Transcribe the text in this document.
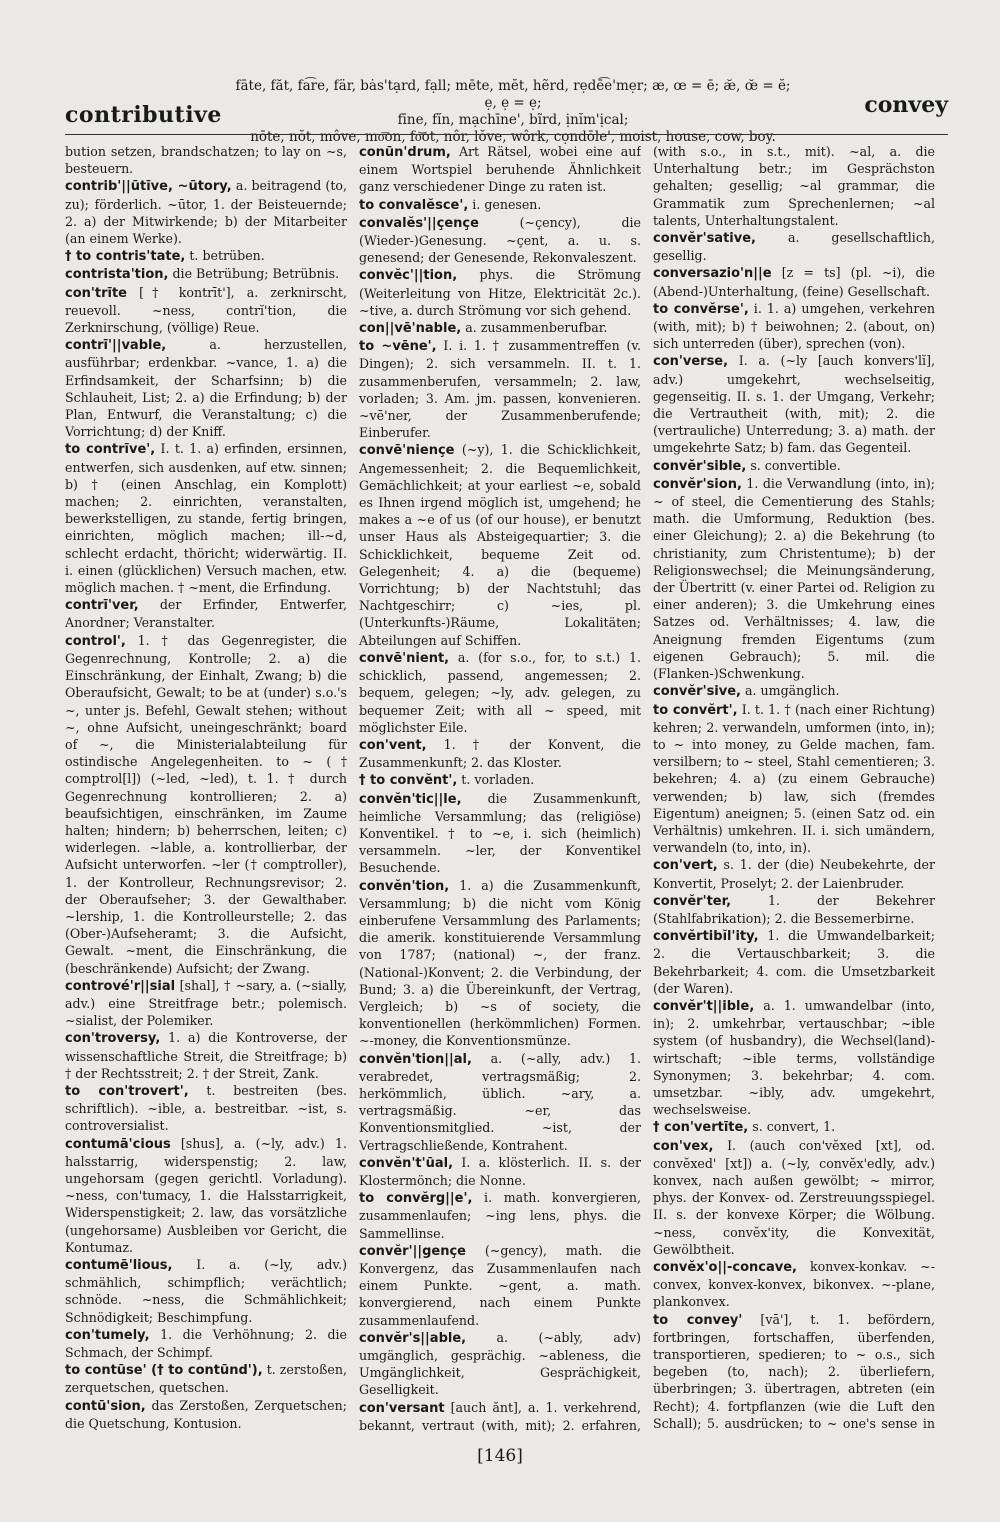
contributive
fāte, făt, fa͡re, fär, bȧs'tạrd, fạll; mēte, mĕt, hẽrd, rẹdē͡e'mẹr; æ, œ = ē; æ̆, œ̆ = ĕ; ẹ, ẹ = ẹ;
fīne, fĭn, mạchīne', bĩrd, ịnĭm'ịcal;
nōte, nŏt, môve, mo͞on, fo͝ot, nôr, lŏve, wôrk, cọndōle', moist, house, cow, boy.
convey

bution setzen, brandschatzen; to lay on ~s, besteuern.

contrib'||ūtīve, ~ūtory, a. beitragend (to, zu); förderlich. ~ūtor, 1. der Beisteuernde; 2. a) der Mitwirkende; b) der Mitarbeiter (an einem Werke).

† to contris'tate, t. betrüben.

contrista'tion, die Betrübung; Betrübnis.

con'trīte [† kontrīt'], a. zerknirscht, reuevoll. ~ness, contrĭ'tion, die Zerknirschung, (völlige) Reue.

contrī'||vable,	a. herzustellen, ausführbar; erdenkbar. ~vance, 1. a) die Erfindsamkeit, der Scharfsinn; b) die Schlauheit, List; 2. a) die Erfindung; b) der Plan, Entwurf, die Veranstaltung; c) die Vorrichtung; d) der Kniff.

to contrīve', I. t. 1. a) erfinden, ersinnen, entwerfen, sich ausdenken, auf etw. sinnen; b) † (einen Anschlag, ein Komplott) machen; 2. einrichten, veranstalten, bewerkstelligen, zu stande, fertig bringen, einrichten, möglich machen; ill-~d, schlecht erdacht, thöricht; widerwärtig. II. i. einen (glücklichen) Versuch machen, etw. möglich machen. † ~ment, die Erfindung.

contrī'ver, der Erfinder, Entwerfer, Anordner; Veranstalter.

control', 1. † das Gegenregister, die Gegenrechnung, Kontrolle; 2. a) die Einschränkung, der Einhalt, Zwang; b) die Oberaufsicht, Gewalt; to be at (under) s.o.'s ~, unter js. Befehl, Gewalt stehen; without ~, ohne Aufsicht, uneingeschränkt; board of ~, die Ministerialabteilung für ostindische Angelegenheiten. to ~ († comptrol[l]) (~led, ~led), t. 1. † durch Gegenrechnung kontrollieren; 2. a) beaufsichtigen, einschränken, im Zaume halten; hindern; b) beherrschen, leiten; c) widerlegen. ~lable, a. kontrollierbar, der Aufsicht unterworfen. ~ler († comptroller), 1. der Kontrolleur, Rechnungsrevisor; 2. der Oberaufseher; 3. der Gewalthaber. ~lership, 1. die Kontrolleurstelle; 2. das (Ober-)Aufseheramt; 3. die Aufsicht, Gewalt. ~ment, die Einschränkung, die (beschränkende) Aufsicht; der Zwang.

contrové'r||sial [shal], † ~sary, a. (~sially, adv.) eine Streitfrage betr.; polemisch. ~sialist, der Polemiker.

con'troversy, 1. a) die Kontroverse, der wissenschaftliche Streit, die Streitfrage; b) † der Rechtsstreit; 2. † der Streit, Zank.

to con'trovert', t. bestreiten (bes. schriftlich). ~ible, a. bestreitbar. ~ist, s. controversialist.

contumā'cious [shus], a. (~ly, adv.) 1. halsstarrig, widerspenstig; 2. law, ungehorsam (gegen gerichtl. Vorladung). ~ness, con'tumacy, 1. die Halsstarrigkeit, Widerspenstigkeit; 2. law, das vorsätzliche (ungehorsame) Ausbleiben vor Gericht, die Kontumaz.

contumē'lious, I. a. (~ly, adv.) schmählich, schimpflich; verächtlich; schnöde. ~ness, die Schmählichkeit; Schnödigkeit; Beschimpfung.

con'tumely, 1. die Verhöhnung; 2. die Schmach, der Schimpf.

to contūse' († to contūnd'), t. zerstoßen, zerquetschen, quetschen.

contū'sion, das Zerstoßen, Zerquetschen; die Quetschung, Kontusion.

conūn'drum, Art Rätsel, wobei eine auf einem Wortspiel beruhende Ähnlichkeit ganz verschiedener Dinge zu raten ist.

to convalĕsce', i. genesen.

convalĕs'||çençe	(~çency), die (Wieder-)Genesung. ~çent, a. u. s. genesend; der Genesende, Rekonvaleszent.

convĕc'||tion, phys. die Strömung (Weiterleitung von Hitze, Elektricität 2c.). ~tive, a. durch Strömung vor sich gehend.

con||vē'nable, a. zusammenberufbar.

to ~vēne', I. i. 1. † zusammentreffen (v. Dingen); 2. sich versammeln. II. t. 1. zusammenberufen, versammeln; 2. law, vorladen; 3. Am. jm. passen, konvenieren. ~vē'ner, der Zusammenberufende; Einberufer.

convē'niençe (~y), 1. die Schicklichkeit, Angemessenheit; 2. die Bequemlichkeit, Gemächlichkeit; at your earliest ~e, sobald es Ihnen irgend möglich ist, umgehend; he makes a ~e of us (of our house), er benutzt unser Haus als Absteigequartier; 3. die Schicklichkeit, bequeme Zeit od. Gelegenheit; 4. a) die (bequeme) Vorrichtung; b) der Nachtstuhl; das Nachtgeschirr; c) ~ies, pl. (Unterkunfts-)Räume, Lokalitäten; Abteilungen auf Schiffen.

convē'nient, a. (for s.o., for, to s.t.) 1. schicklich, passend, angemessen; 2. bequem, gelegen; ~ly, adv. gelegen, zu bequemer Zeit; with all ~ speed, mit möglichster Eile.

con'vent, 1. † der Konvent, die Zusammenkunft; 2. das Kloster.

† to convĕnt', t. vorladen.

convĕn'tic||le, die Zusammenkunft, heimliche Versammlung; das (religiöse) Konventikel. † to ~e, i. sich (heimlich) versammeln. ~ler, der Konventikel Besuchende.

convĕn'tion, 1. a) die Zusammenkunft, Versammlung; b) die nicht vom König einberufene Versammlung des Parlaments; die amerik. konstituierende Versammlung von 1787; (national) ~, der franz. (National-)Konvent; 2. die Verbindung, der Bund; 3. a) die Übereinkunft, der Vertrag, Vergleich; b) ~s of society, die konventionellen (herkömmlichen) Formen. ~-money, die Konventionsmünze.

convĕn'tion||al, a. (~ally, adv.) 1. verabredet, vertragsmäßig; 2. herkömmlich, üblich. ~ary, a. vertragsmäßig. ~er, das Konventionsmitglied. ~ist, der Vertragschließende, Kontrahent.

convĕn't'ūal, I. a. klösterlich. II. s. der Klostermönch; die Nonne.

to convĕrg||e', i. math. konvergieren, zusammenlaufen; ~ing lens, phys. die Sammellinse.

convĕr'||gençe (~gency), math. die Konvergenz, das Zusammenlaufen nach einem Punkte. ~gent, a. math. konvergierend, nach einem Punkte zusammenlaufend.

convĕr's||able, a. (~ably, adv) umgänglich, gesprächig. ~ableness, die Umgänglichkeit, Gesprächigkeit, Geselligkeit.

con'versant [auch ănt], a. 1. verkehrend, bekannt, vertraut (with, mit); 2. erfahren,

(with s.o., in s.t., mit). ~al, a. die Unterhaltung betr.; im Gesprächston gehalten; gesellig; ~al grammar, die Grammatik zum Sprechenlernen; ~al talents, Unterhaltungstalent.

convĕr'sative,	a. gesellschaftlich, gesellig.

conversazio'n||e [z = ts] (pl. ~i), die (Abend-)Unterhaltung, (feine) Gesellschaft.

to convĕrse', i. 1. a) umgehen, verkehren (with, mit); b) † beiwohnen; 2. (about, on) sich unterreden (über), sprechen (von).

con'verse, I. a. (~ly [auch konvers'lĭ], adv.) umgekehrt, wechselseitig, gegenseitig. II. s. 1. der Umgang, Verkehr; die Vertrautheit (with, mit); 2. die (vertrauliche) Unterredung; 3. a) math. der umgekehrte Satz; b) fam. das Gegenteil.

convĕr'sible, s. convertible.

convĕr'sion, 1. die Verwandlung (into, in); ~ of steel, die Cementierung des Stahls; math. die Umformung, Reduktion (bes. einer Gleichung); 2. a) die Bekehrung (to christianity, zum Christentume); b) der Religionswechsel; die Meinungsänderung, der Übertritt (v. einer Partei od. Religion zu einer anderen); 3. die Umkehrung eines Satzes od. Verhältnisses; 4. law, die Aneignung fremden Eigentums (zum eigenen Gebrauch); 5. mil. die (Flanken-)Schwenkung.

convĕr'sive, a. umgänglich.

to convĕrt', I. t. 1. † (nach einer Richtung) kehren; 2. verwandeln, umformen (into, in); to ~ into money, zu Gelde machen, fam. versilbern; to ~ steel, Stahl cementieren; 3. bekehren; 4. a) (zu einem Gebrauche) verwenden; b) law, sich (fremdes Eigentum) aneignen; 5. (einen Satz od. ein Verhältnis) umkehren. II. i. sich umändern, verwandeln (to, into, in).

con'vert, s. 1. der (die) Neubekehrte, der Konvertit, Proselyt; 2. der Laienbruder.

convĕr'ter,	1. der Bekehrer (Stahlfabrikation); 2. die Bessemerbirne.

convĕrtibĭl'ity, 1. die Umwandelbarkeit; 2. die Vertauschbarkeit; 3. die Bekehrbarkeit; 4. com. die Umsetzbarkeit (der Waren).

convĕr't||ible, a. 1. umwandelbar (into, in); 2. umkehrbar, vertauschbar; ~ible system (of husbandry), die Wechsel(land)-wirtschaft; ~ible terms, vollständige Synonymen; 3. bekehrbar; 4. com. umsetzbar. ~ibly, adv. umgekehrt, wechselsweise.

† con'vertīte, s. convert, 1.

con'vex, I. (auch con'vĕxed [xt], od. convĕxed' [xt]) a. (~ly, convĕx'edly, adv.) konvex, nach außen gewölbt; ~ mirror, phys. der Konvex- od. Zerstreuungsspiegel. II. s. der konvexe Körper; die Wölbung. ~ness, convĕx'ity, die Konvexität, Gewölbtheit.

convĕx'o||-concave, konvex-konkav. ~-convex, konvex-konvex, bikonvex. ~-plane, plankonvex.

to convey' [vā'], t. 1. befördern, fortbringen, fortschaffen, überfenden, transportieren, spedieren; to ~ o.s., sich begeben (to, nach); 2. überliefern, überbringen; 3. übertragen, abtreten (ein Recht); 4. fortpflanzen (wie die Luft den Schall); 5. ausdrücken; to ~ one's sense in

[146]
